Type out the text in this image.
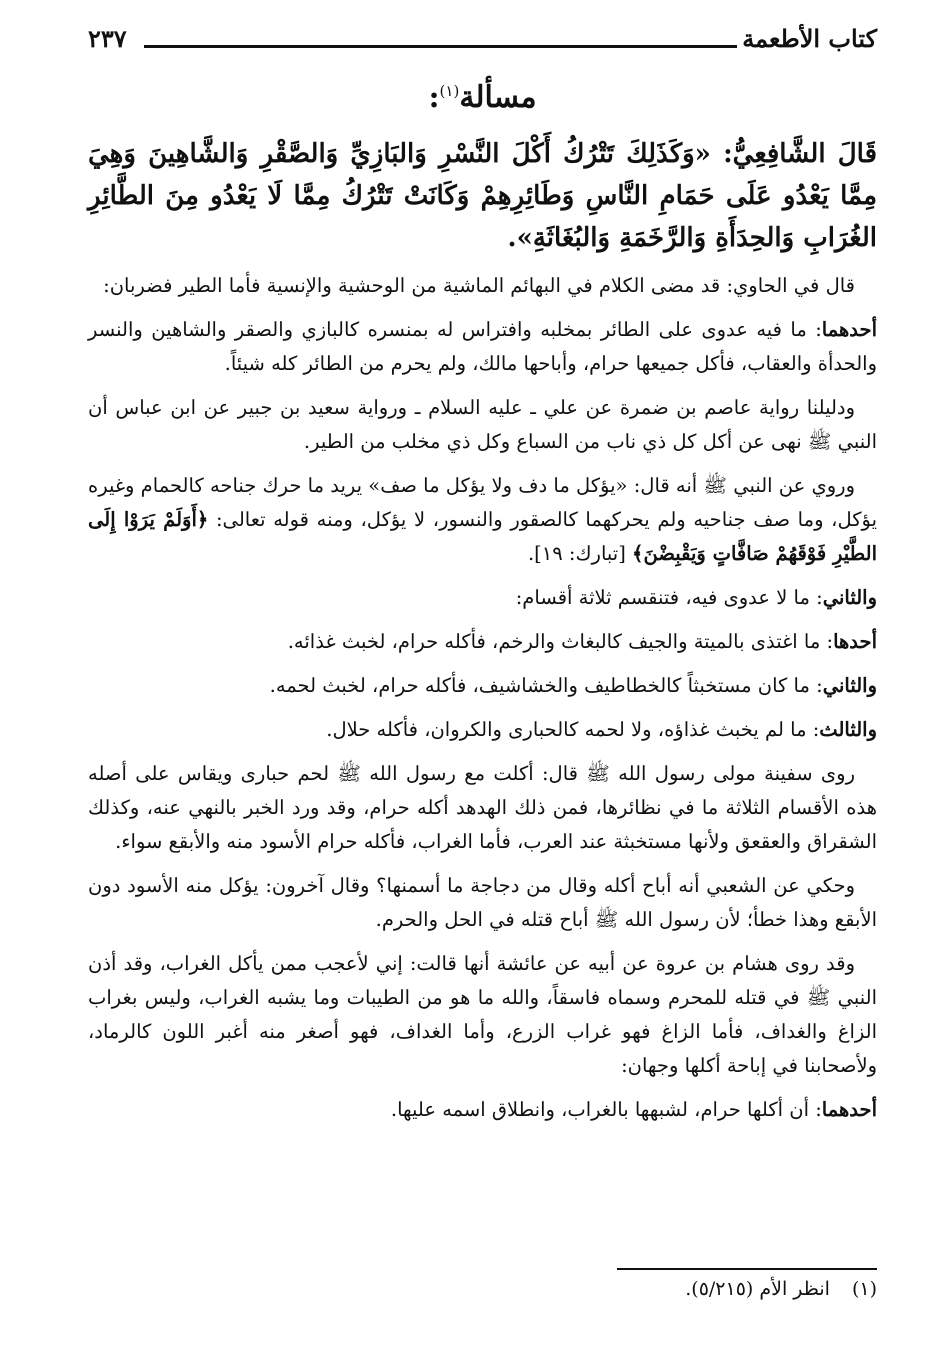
كتاب الأطعمة
٢٣٧
مسألة$^{(١)}$:

قَالَ الشَّافِعِيُّ: «وَكَذَلِكَ تَتْرُكُ أَكْلَ النَّسْرِ وَالبَازِيِّ وَالصَّقْرِ وَالشَّاهِينَ وَهِيَ مِمَّا يَعْدُو عَلَى حَمَامِ النَّاسِ وَطَائِرِهِمْ وَكَانَتْ تَتْرُكُ مِمَّا لَا يَعْدُو مِنَ الطَّائِرِ الغُرَابِ وَالحِدَأَةِ وَالرَّخَمَةِ وَالبُغَاثَةِ».

قال في الحاوي: قد مضى الكلام في البهائم الماشية من الوحشية والإنسية فأما الطير فضربان:

أحدهما: ما فيه عدوى على الطائر بمخلبه وافتراس له بمنسره كالبازي والصقر والشاهين والنسر والحدأة والعقاب، فأكل جميعها حرام، وأباحها مالك، ولم يحرم من الطائر كله شيئاً.

ودليلنا رواية عاصم بن ضمرة عن علي ـ عليه السلام ـ ورواية سعيد بن جبير عن ابن عباس أن النبي ﷺ نهى عن أكل كل ذي ناب من السباع وكل ذي مخلب من الطير.

وروي عن النبي ﷺ أنه قال: «يؤكل ما دف ولا يؤكل ما صف» يريد ما حرك جناحه كالحمام وغيره يؤكل، وما صف جناحيه ولم يحركهما كالصقور والنسور، لا يؤكل، ومنه قوله تعالى: ﴿أَوَلَمْ يَرَوْا إِلَى الطَّيْرِ فَوْقَهُمْ صَافَّاتٍ وَيَقْبِضْنَ﴾ [تبارك: ١٩].

والثاني: ما لا عدوى فيه، فتنقسم ثلاثة أقسام:

أحدها: ما اغتذى بالميتة والجيف كالبغاث والرخم، فأكله حرام، لخبث غذائه.

والثاني: ما كان مستخبثاً كالخطاطيف والخشاشيف، فأكله حرام، لخبث لحمه.

والثالث: ما لم يخبث غذاؤه، ولا لحمه كالحبارى والكروان، فأكله حلال.

روى سفينة مولى رسول الله ﷺ قال: أكلت مع رسول الله ﷺ لحم حبارى ويقاس على أصله هذه الأقسام الثلاثة ما في نظائرها، فمن ذلك الهدهد أكله حرام، وقد ورد الخبر بالنهي عنه، وكذلك الشقراق والعقعق ولأنها مستخبثة عند العرب، فأما الغراب، فأكله حرام الأسود منه والأبقع سواء.

وحكي عن الشعبي أنه أباح أكله وقال من دجاجة ما أسمنها؟ وقال آخرون: يؤكل منه الأسود دون الأبقع وهذا خطأ؛ لأن رسول الله ﷺ أباح قتله في الحل والحرم.

وقد روى هشام بن عروة عن أبيه عن عائشة أنها قالت: إني لأعجب ممن يأكل الغراب، وقد أذن النبي ﷺ في قتله للمحرم وسماه فاسقاً، والله ما هو من الطيبات وما يشبه الغراب، وليس بغراب الزاغ والغداف، فأما الزاغ فهو غراب الزرع، وأما الغداف، فهو أصغر منه أغبر اللون كالرماد، ولأصحابنا في إباحة أكلها وجهان:

أحدهما: أن أكلها حرام، لشبهها بالغراب، وانطلاق اسمه عليها.

(١)انظر الأم (٥/٢١٥).
